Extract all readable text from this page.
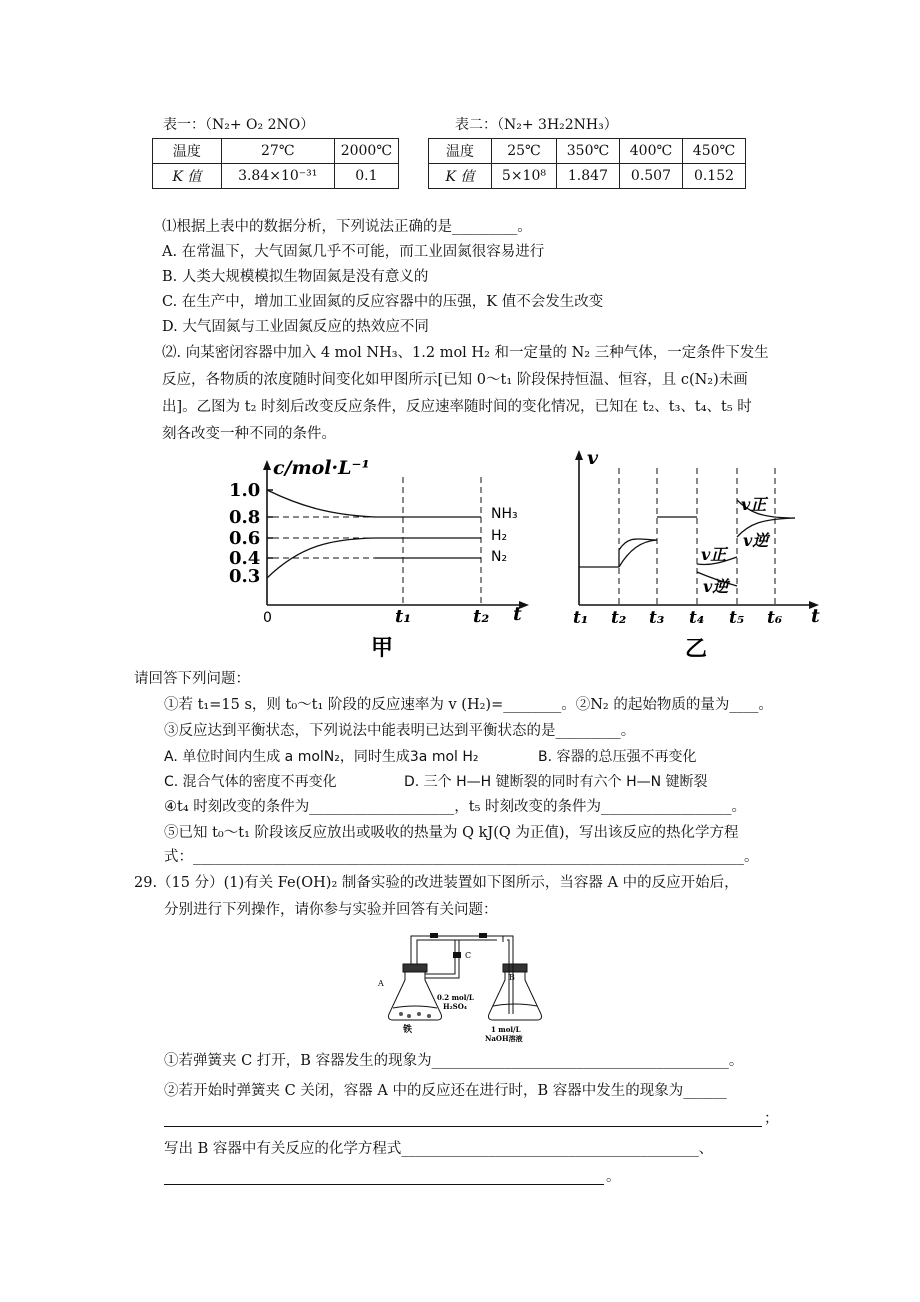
表一：（N₂+ O₂ 2NO）
温度	27℃	2000℃
K 值	3.84×10⁻³¹	0.1
表二：（N₂+ 3H₂2NH₃）
温度	25℃	350℃	400℃	450℃
K 值	5×10⁸	1.847	0.507	0.152
⑴根据上表中的数据分析，下列说法正确的是_________。
A. 在常温下，大气固氮几乎不可能，而工业固氮很容易进行
B. 人类大规模模拟生物固氮是没有意义的
C. 在生产中，增加工业固氮的反应容器中的压强，K 值不会发生改变
D. 大气固氮与工业固氮反应的热效应不同
⑵. 向某密闭容器中加入 4 mol NH₃、1.2 mol H₂ 和一定量的 N₂ 三种气体，一定条件下发生
反应，各物质的浓度随时间变化如甲图所示[已知 0～t₁ 阶段保持恒温、恒容，且 c(N₂)未画
出]。乙图为 t₂ 时刻后改变反应条件，反应速率随时间的变化情况，已知在 t₂、t₃、t₄、t₅ 时
刻各改变一种不同的条件。
c/mol·L⁻¹
1.0
0.8
0.6
0.4
0.3
NH₃
H₂
N₂
0	t₁	t₂ t
甲
v
v正
v逆
v正
v逆
t₁ t₂ t₃ t₄ t₅ t₆ t
乙
请回答下列问题：
①若 t₁=15 s，则 t₀～t₁ 阶段的反应速率为 v (H₂)=________。②N₂ 的起始物质的量为____。
③反应达到平衡状态，下列说法中能表明已达到平衡状态的是_________。
A. 单位时间内生成 a molN₂，同时生成3a mol H₂	B. 容器的总压强不再变化
C. 混合气体的密度不再变化	D. 三个 H—H 键断裂的同时有六个 H—N 键断裂
④t₄ 时刻改变的条件为____________________，t₅ 时刻改变的条件为__________________。
⑤已知 t₀～t₁ 阶段该反应放出或吸收的热量为 Q kJ(Q 为正值)，写出该反应的热化学方程
式：____________________________________________________________________________。
29.（15 分）(1)有关 Fe(OH)₂ 制备实验的改进装置如下图所示，当容器 A 中的反应开始后，
分别进行下列操作，请你参与实验并回答有关问题：
A
B
C
0.2 mol/L
H₂SO₄
铁	1 mol/L
NaOH溶液
①若弹簧夹 C 打开，B 容器发生的现象为_________________________________________。
②若开始时弹簧夹 C 关闭，容器 A 中的反应还在进行时，B 容器中发生的现象为______
；
写出 B 容器中有关反应的化学方程式_________________________________________、
。
